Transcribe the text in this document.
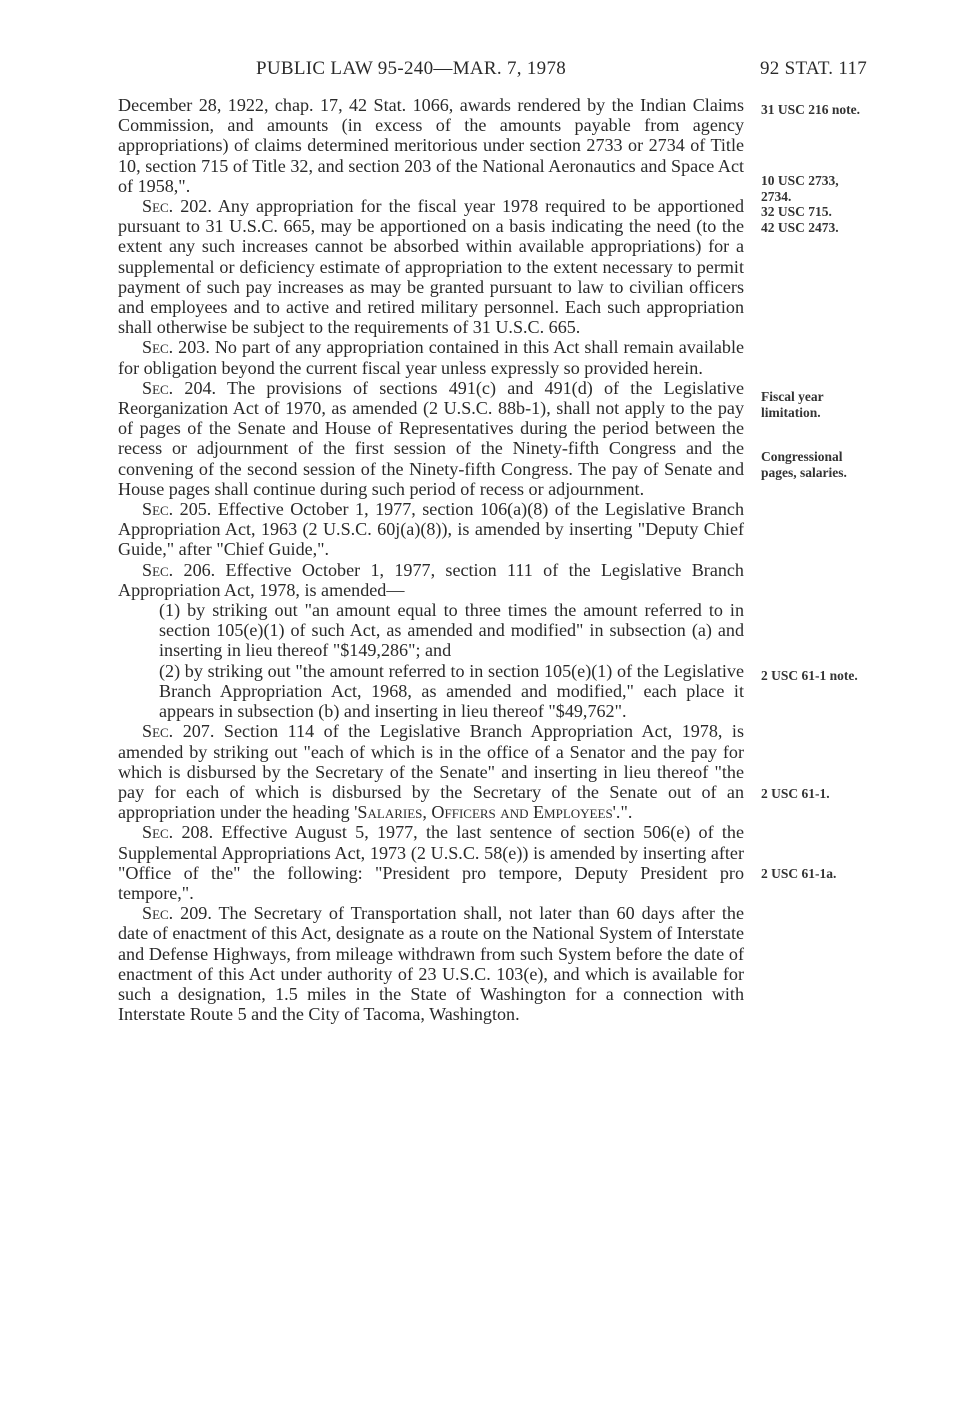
PUBLIC LAW 95-240—MAR. 7, 1978	92 STAT. 117

December 28, 1922, chap. 17, 42 Stat. 1066, awards rendered by the Indian Claims Commission, and amounts (in excess of the amounts payable from agency appropriations) of claims determined meritorious under section 2733 or 2734 of Title 10, section 715 of Title 32, and section 203 of the National Aeronautics and Space Act of 1958,".

Sec. 202. Any appropriation for the fiscal year 1978 required to be apportioned pursuant to 31 U.S.C. 665, may be apportioned on a basis indicating the need (to the extent any such increases cannot be absorbed within available appropriations) for a supplemental or deficiency estimate of appropriation to the extent necessary to permit payment of such pay increases as may be granted pursuant to law to civilian officers and employees and to active and retired military personnel. Each such appropriation shall otherwise be subject to the requirements of 31 U.S.C. 665.

Sec. 203. No part of any appropriation contained in this Act shall remain available for obligation beyond the current fiscal year unless expressly so provided herein.

Sec. 204. The provisions of sections 491(c) and 491(d) of the Legislative Reorganization Act of 1970, as amended (2 U.S.C. 88b-1), shall not apply to the pay of pages of the Senate and House of Representatives during the period between the recess or adjournment of the first session of the Ninety-fifth Congress and the convening of the second session of the Ninety-fifth Congress. The pay of Senate and House pages shall continue during such period of recess or adjournment.

Sec. 205. Effective October 1, 1977, section 106(a)(8) of the Legislative Branch Appropriation Act, 1963 (2 U.S.C. 60j(a)(8)), is amended by inserting "Deputy Chief Guide," after "Chief Guide,".

Sec. 206. Effective October 1, 1977, section 111 of the Legislative Branch Appropriation Act, 1978, is amended—

(1) by striking out "an amount equal to three times the amount referred to in section 105(e)(1) of such Act, as amended and modified" in subsection (a) and inserting in lieu thereof "$149,286"; and

(2) by striking out "the amount referred to in section 105(e)(1) of the Legislative Branch Appropriation Act, 1968, as amended and modified," each place it appears in subsection (b) and inserting in lieu thereof "$49,762".

Sec. 207. Section 114 of the Legislative Branch Appropriation Act, 1978, is amended by striking out "each of which is in the office of a Senator and the pay for which is disbursed by the Secretary of the Senate" and inserting in lieu thereof "the pay for each of which is disbursed by the Secretary of the Senate out of an appropriation under the heading 'Salaries, Officers and Employees'.".

Sec. 208. Effective August 5, 1977, the last sentence of section 506(e) of the Supplemental Appropriations Act, 1973 (2 U.S.C. 58(e)) is amended by inserting after "Office of the" the following: "President pro tempore, Deputy President pro tempore,".

Sec. 209. The Secretary of Transportation shall, not later than 60 days after the date of enactment of this Act, designate as a route on the National System of Interstate and Defense Highways, from mileage withdrawn from such System before the date of enactment of this Act under authority of 23 U.S.C. 103(e), and which is available for such a designation, 1.5 miles in the State of Washington for a connection with Interstate Route 5 and the City of Tacoma, Washington.

31 USC 216 note.
10 USC 2733,
2734.
32 USC 715.
42 USC 2473.
Fiscal year
limitation.
Congressional
pages, salaries.
2 USC 61-1 note.
2 USC 61-1.
2 USC 61-1a.
